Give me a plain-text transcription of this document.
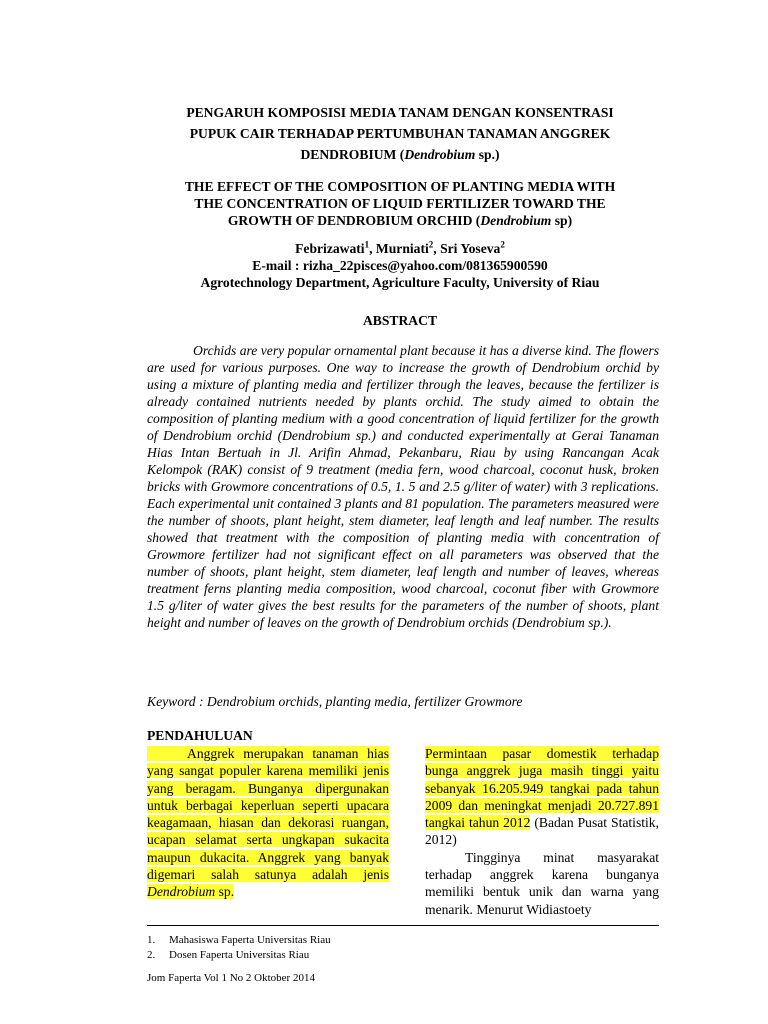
PENGARUH KOMPOSISI MEDIA TANAM DENGAN KONSENTRASI
PUPUK CAIR TERHADAP PERTUMBUHAN TANAMAN ANGGREK
DENDROBIUM (Dendrobium sp.)
THE EFFECT OF THE COMPOSITION OF PLANTING MEDIA WITH
THE CONCENTRATION OF LIQUID FERTILIZER TOWARD THE
GROWTH OF DENDROBIUM ORCHID (Dendrobium sp)
Febrizawati$^1$, Murniati$^2$, Sri Yoseva$^2$
E-mail : rizha_22pisces@yahoo.com/081365900590
Agrotechnology Department, Agriculture Faculty, University of Riau
ABSTRACT

Orchids are very popular ornamental plant because it has a diverse kind. The flowers are used for various purposes. One way to increase the growth of Dendrobium orchid by using a mixture of planting media and fertilizer through the leaves, because the fertilizer is already contained nutrients needed by plants orchid. The study aimed to obtain the composition of planting medium with a good concentration of liquid fertilizer for the growth of Dendrobium orchid (Dendrobium sp.) and conducted experimentally at Gerai Tanaman Hias Intan Bertuah in Jl. Arifin Ahmad, Pekanbaru, Riau by using Rancangan Acak Kelompok (RAK) consist of 9 treatment (media fern, wood charcoal, coconut husk, broken bricks with Growmore concentrations of 0.5, 1. 5 and 2.5 g/liter of water) with 3 replications. Each experimental unit contained 3 plants and 81 population. The parameters measured were the number of shoots, plant height, stem diameter, leaf length and leaf number. The results showed that treatment with the composition of planting media with concentration of Growmore fertilizer had not significant effect on all parameters was observed that the number of shoots, plant height, stem diameter, leaf length and number of leaves, whereas treatment ferns planting media composition, wood charcoal, coconut fiber with Growmore 1.5 g/liter of water gives the best results for the parameters of the number of shoots, plant height and number of leaves on the growth of Dendrobium orchids (Dendrobium sp.).

Keyword : Dendrobium orchids, planting media, fertilizer Growmore
PENDAHULUAN

Anggrek merupakan tanaman hias yang sangat populer karena memiliki jenis yang beragam. Bunganya dipergunakan untuk berbagai keperluan seperti upacara keagamaan, hiasan dan dekorasi ruangan, ucapan selamat serta ungkapan sukacita maupun dukacita. Anggrek yang banyak digemari salah satunya adalah jenis Dendrobium sp.

Permintaan pasar domestik terhadap bunga anggrek juga masih tinggi yaitu sebanyak 16.205.949 tangkai pada tahun 2009 dan meningkat menjadi 20.727.891 tangkai tahun 2012 (Badan Pusat Statistik, 2012)
Tingginya minat masyarakat terhadap anggrek karena bunganya memiliki bentuk unik dan warna yang menarik. Menurut Widiastoety

1. Mahasiswa Faperta Universitas Riau
2. Dosen Faperta Universitas Riau
Jom Faperta Vol 1 No 2 Oktober 2014
